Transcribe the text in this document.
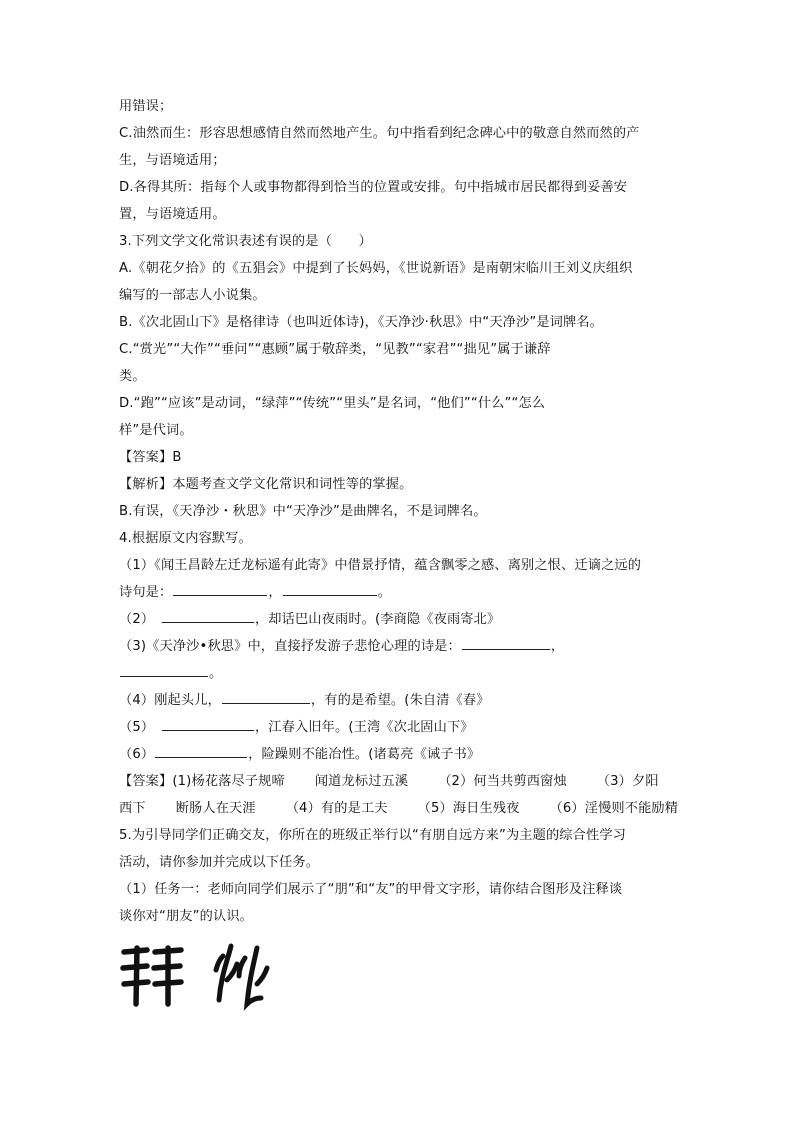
用错误；
C.油然而生：形容思想感情自然而然地产生。句中指看到纪念碑心中的敬意自然而然的产
生，与语境适用；
D.各得其所：指每个人或事物都得到恰当的位置或安排。句中指城市居民都得到妥善安
置，与语境适用。
3.下列文学文化常识表述有误的是（　　）
A.《朝花夕拾》的《五猖会》中提到了长妈妈，《世说新语》是南朝宋临川王刘义庆组织
编写的一部志人小说集。
B.《次北固山下》是格律诗（也叫近体诗)，《天净沙·秋思》中“天净沙”是词牌名。
C.“赏光”“大作”“垂问”“惠顾”属于敬辞类，“见教”“家君”“拙见”属于谦辞
类。
D.“跑”“应该”是动词，“绿萍”“传统”“里头”是名词，“他们”“什么”“怎么
样”是代词。
【答案】B
【解析】本题考查文学文化常识和词性等的掌握。
B.有误，《天净沙・秋思》中“天净沙”是曲牌名，不是词牌名。
4.根据原文内容默写。
（1）《闻王昌龄左迁龙标遥有此寄》中借景抒情，蕴含飘零之感、离别之恨、迁谪之远的
诗句是：	，	。
（2）　	，却话巴山夜雨时。(李商隐《夜雨寄北》
（3)《天净沙•秋思》中，直接抒发游子悲怆心理的诗是：	，
。
（4）刚起头儿，	，有的是希望。(朱自清《春》
（5）　	，江春入旧年。(王湾《次北固山下》
（6）	，险躁则不能冶性。(诸葛亮《诫子书》
【答案】(1)杨花落尽子规啼 闻道龙标过五溪 （2）何当共剪西窗烛 （3）夕阳
西下 断肠人在天涯 （4）有的是工夫 （5）海日生残夜 （6）淫慢则不能励精
5.为引导同学们正确交友，你所在的班级正举行以“有朋自远方来”为主题的综合性学习
活动，请你参加并完成以下任务。
（1）任务一：老师向同学们展示了“朋”和“友”的甲骨文字形，请你结合图形及注释谈
谈你对“朋友”的认识。
